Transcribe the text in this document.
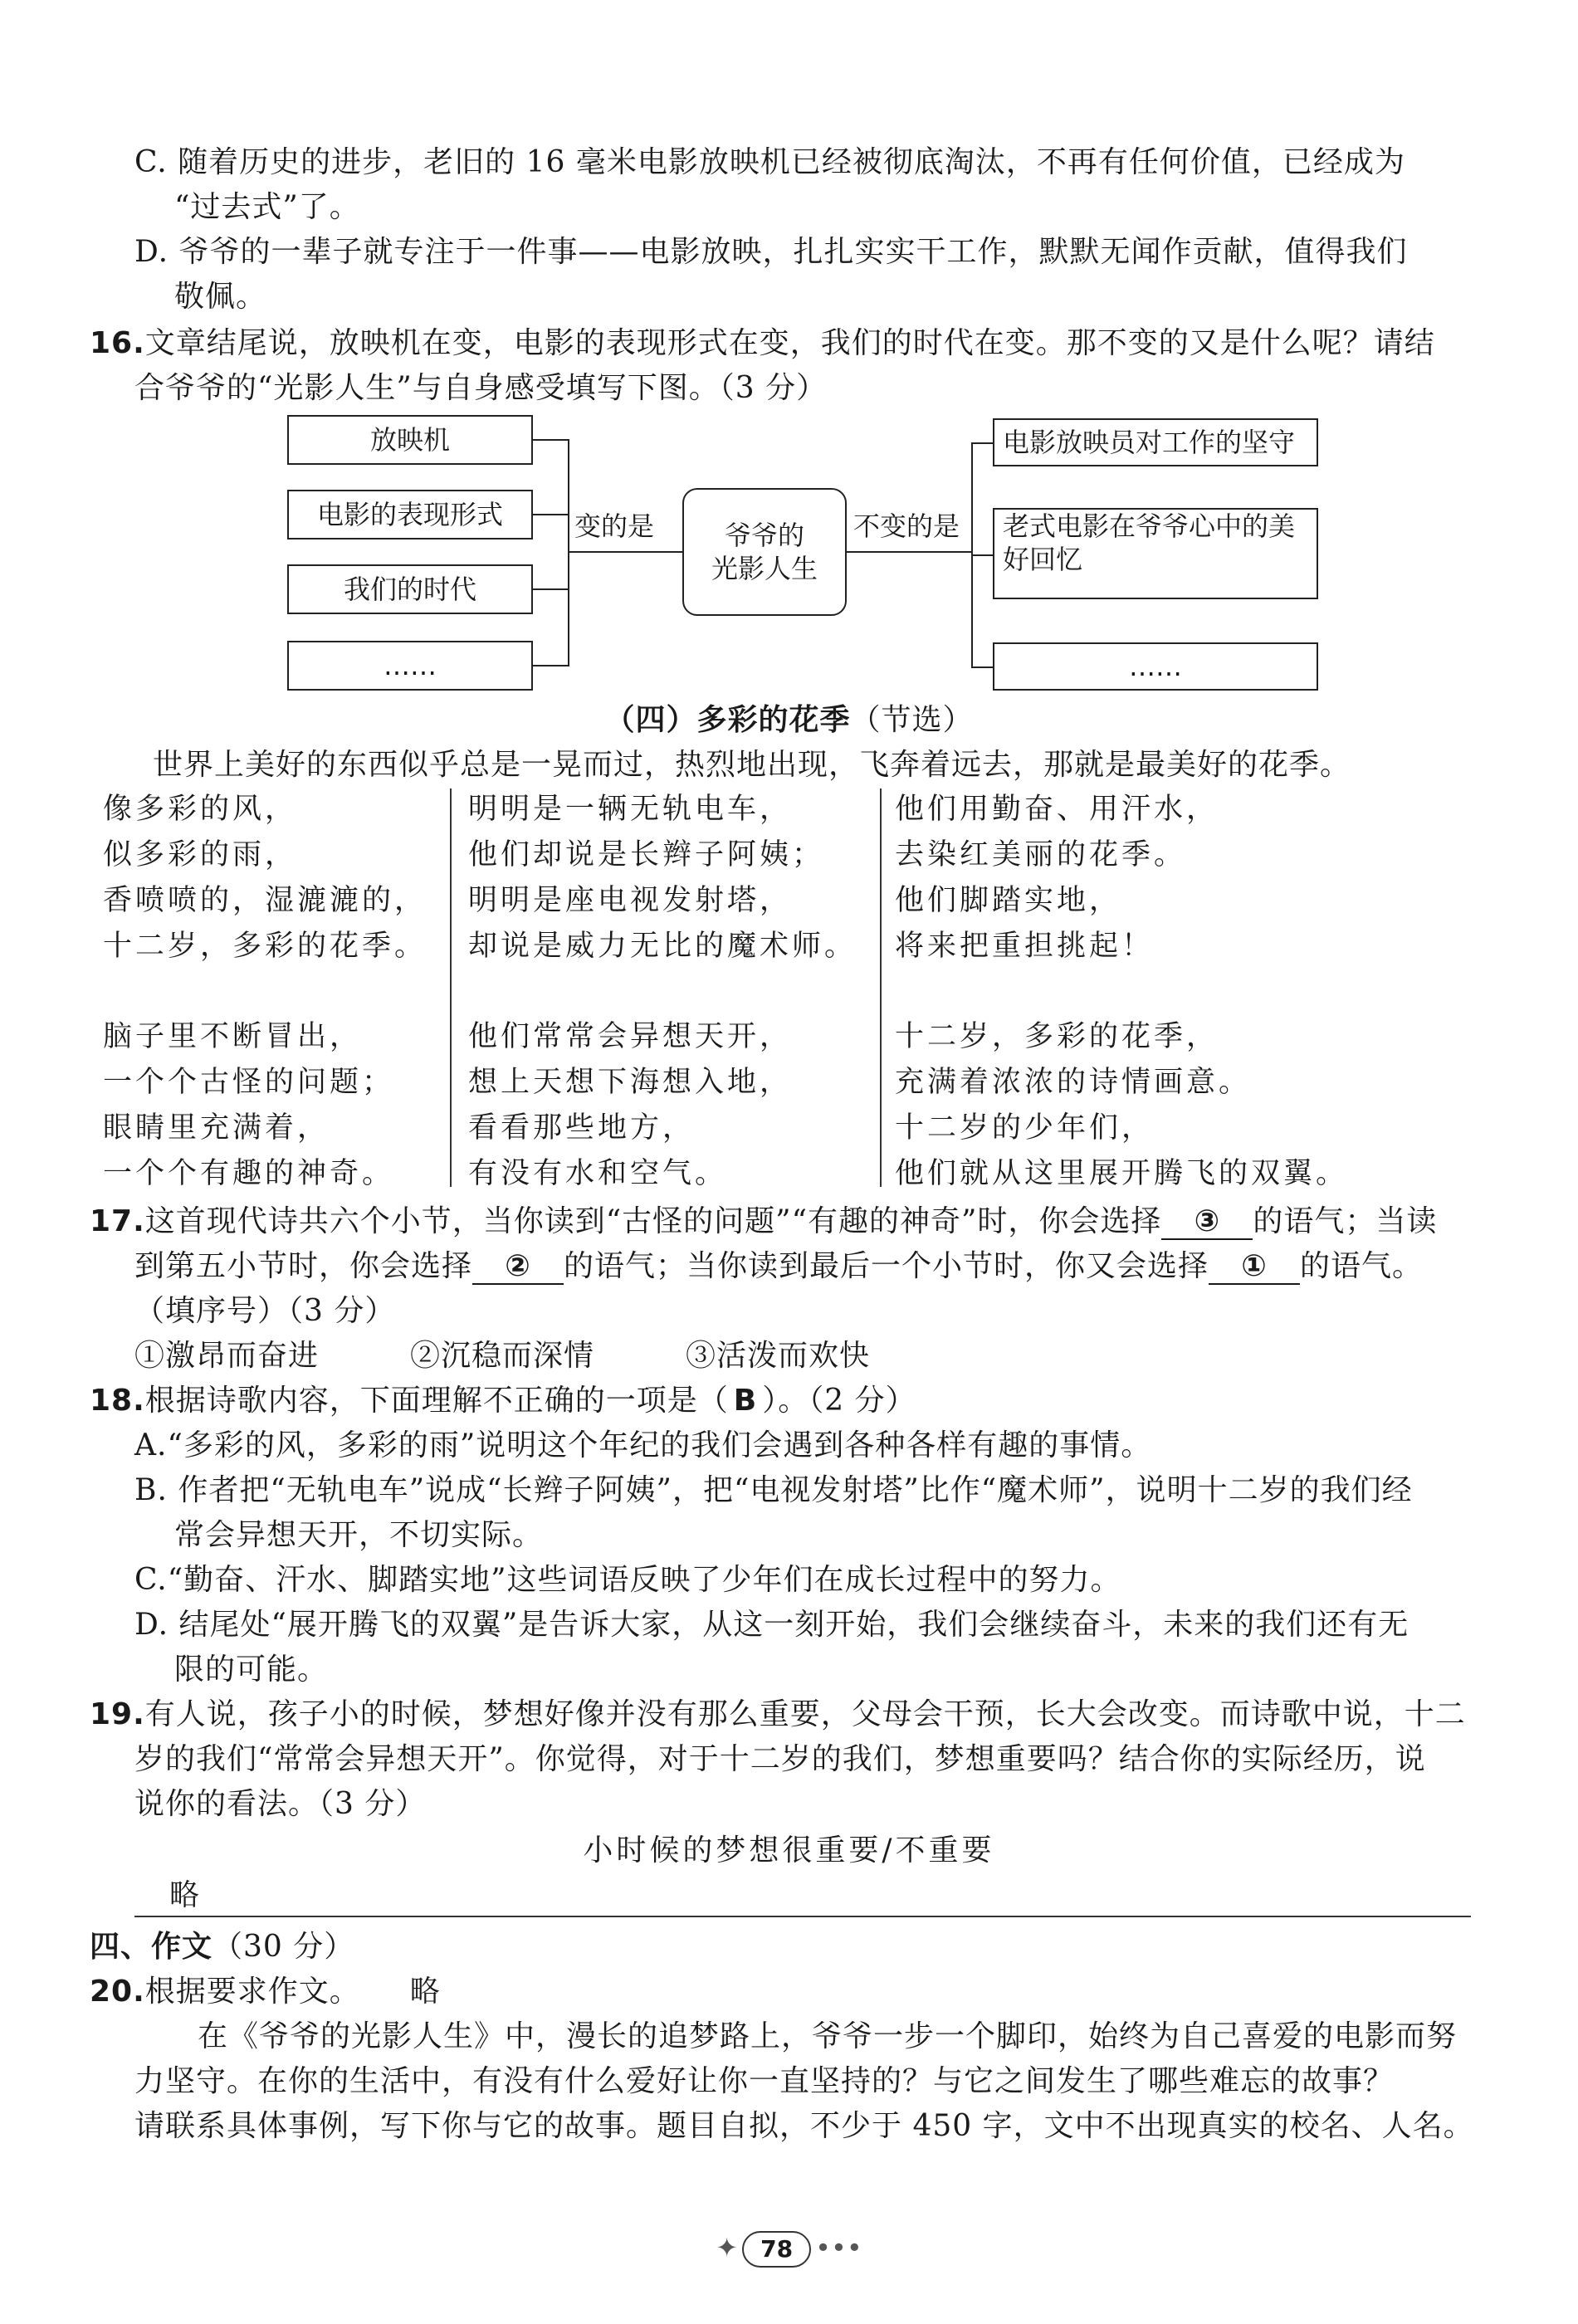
C. 随着历史的进步，老旧的 16 毫米电影放映机已经被彻底淘汰，不再有任何价值，已经成为
“过去式”了。
D. 爷爷的一辈子就专注于一件事——电影放映，扎扎实实干工作，默默无闻作贡献，值得我们
敬佩。
16.文章结尾说，放映机在变，电影的表现形式在变，我们的时代在变。那不变的又是什么呢？请结
合爷爷的“光影人生”与自身感受填写下图。（3 分）
放映机
电影的表现形式
我们的时代
……
变的是	爷爷的
光影人生
不变的是
电影放映员对工作的坚守
老式电影在爷爷心中的美
好回忆
……
（四）多彩的花季（节选）
世界上美好的东西似乎总是一晃而过，热烈地出现，飞奔着远去，那就是最美好的花季。
像多彩的风，
似多彩的雨，
香喷喷的，湿漉漉的，
十二岁，多彩的花季。
明明是一辆无轨电车，
他们却说是长辫子阿姨；
明明是座电视发射塔，
却说是威力无比的魔术师。
他们用勤奋、用汗水，
去染红美丽的花季。
他们脚踏实地，
将来把重担挑起！
脑子里不断冒出，
一个个古怪的问题；
眼睛里充满着，
一个个有趣的神奇。
他们常常会异想天开，
想上天想下海想入地，
看看那些地方，
有没有水和空气。
十二岁，多彩的花季，
充满着浓浓的诗情画意。
十二岁的少年们，
他们就从这里展开腾飞的双翼。
17.这首现代诗共六个小节，当你读到“古怪的问题”“有趣的神奇”时，你会选择 ③ 的语气；当读
到第五小节时，你会选择 ② 的语气；当你读到最后一个小节时，你又会选择 ① 的语气。
（填序号）（3 分）
①激昂而奋进	②沉稳而深情	③活泼而欢快
18.根据诗歌内容，下面理解不正确的一项是（ B ）。（2 分）
A.“多彩的风，多彩的雨”说明这个年纪的我们会遇到各种各样有趣的事情。
B. 作者把“无轨电车”说成“长辫子阿姨”，把“电视发射塔”比作“魔术师”，说明十二岁的我们经
常会异想天开，不切实际。
C.“勤奋、汗水、脚踏实地”这些词语反映了少年们在成长过程中的努力。
D. 结尾处“展开腾飞的双翼”是告诉大家，从这一刻开始，我们会继续奋斗，未来的我们还有无
限的可能。
19.有人说，孩子小的时候，梦想好像并没有那么重要，父母会干预，长大会改变。而诗歌中说，十二
岁的我们“常常会异想天开”。你觉得，对于十二岁的我们，梦想重要吗？结合你的实际经历，说
说你的看法。（3 分）
小时候的梦想很重要/不重要
略
四、作文（30 分）
20.根据要求作文。 略
在《爷爷的光影人生》中，漫长的追梦路上，爷爷一步一个脚印，始终为自己喜爱的电影而努
力坚守。在你的生活中，有没有什么爱好让你一直坚持的？与它之间发生了哪些难忘的故事？
请联系具体事例，写下你与它的故事。题目自拟，不少于 450 字，文中不出现真实的校名、人名。
✦ 78 •••
